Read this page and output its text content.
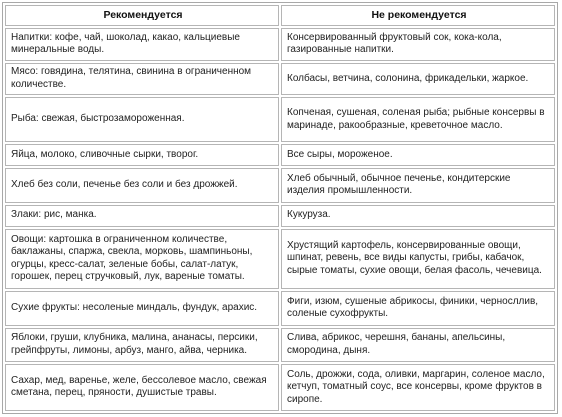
Рекомендуется	Не рекомендуется
Напитки: кофе, чай, шоколад, какао, кальциевые минеральные воды.	Консервированный фруктовый сок, кока-кола, газированные напитки.
Мясо: говядина, телятина, свинина в ограниченном количестве.	Колбасы, ветчина, солонина, фрикадельки, жаркое.
Рыба: свежая, быстрозамороженная.	Копченая, сушеная, соленая рыба; рыбные консервы в маринаде, ракообразные, креветочное масло.
Яйца, молоко, сливочные сырки, творог.	Все сыры, мороженое.
Хлеб без соли, печенье без соли и без дрожжей.	Хлеб обычный, обычное печенье, кондитерские изделия промышленности.
Злаки: рис, манка.	Кукуруза.
Овощи: картошка в ограниченном количестве, баклажаны, спаржа, свекла, морковь, шампиньоны, огурцы, кресс-салат, зеленые бобы, салат-латук, горошек, перец стручковый, лук, вареные томаты.	Хрустящий картофель, консервированные овощи, шпинат, ревень, все виды капусты, грибы, кабачок, сырые томаты, сухие овощи, белая фасоль, чечевица.
Сухие фрукты: несоленые миндаль, фундук, арахис.	Фиги, изюм, сушеные абрикосы, финики, черносллив, соленые сухофрукты.
Яблоки, груши, клубника, малина, ананасы, персики, грейпфруты, лимоны, арбуз, манго, айва, черника.	Слива, абрикос, черешня, бананы, апельсины, смородина, дыня.
Сахар, мед, варенье, желе, бессолевое масло, свежая сметана, перец, пряности, душистые травы.	Соль, дрожжи, сода, оливки, маргарин, соленое масло, кетчуп, томатный соус, все консервы, кроме фруктов в сиропе.
